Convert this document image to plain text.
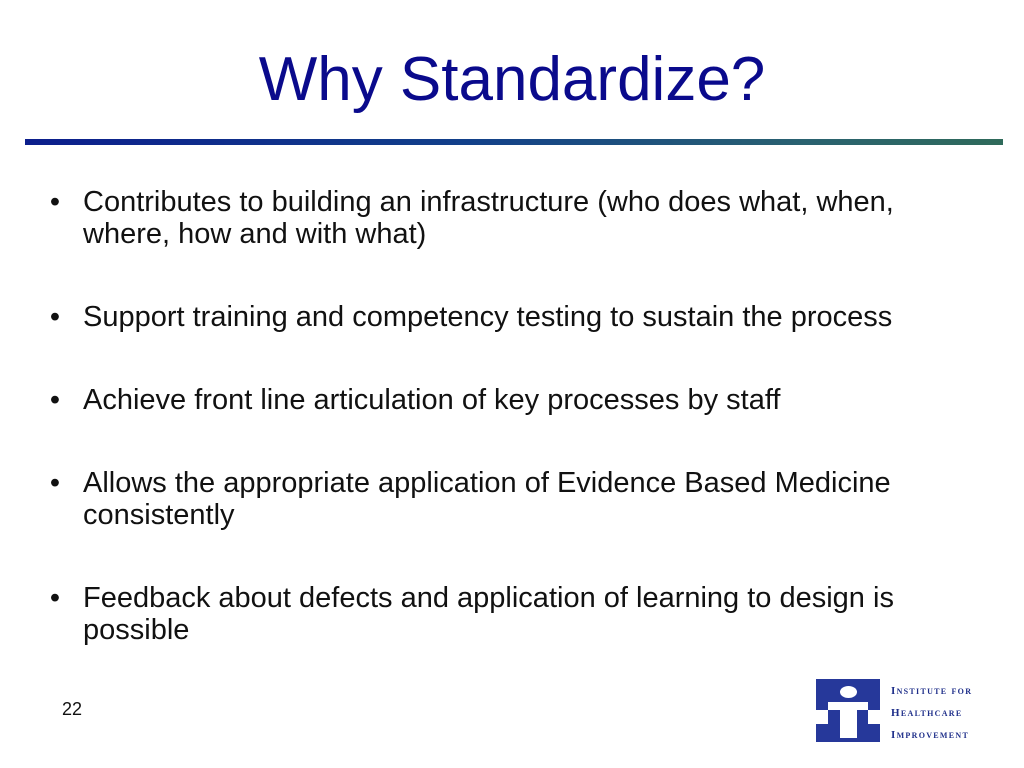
Why Standardize?
• Contributes to building an infrastructure (who does what, when, where, how and with what)
• Support training and competency testing to sustain the process
• Achieve front line articulation of key processes by staff
• Allows the appropriate application of Evidence Based Medicine consistently
• Feedback about defects and application of learning to design is possible
22
Institute for
Healthcare
Improvement
